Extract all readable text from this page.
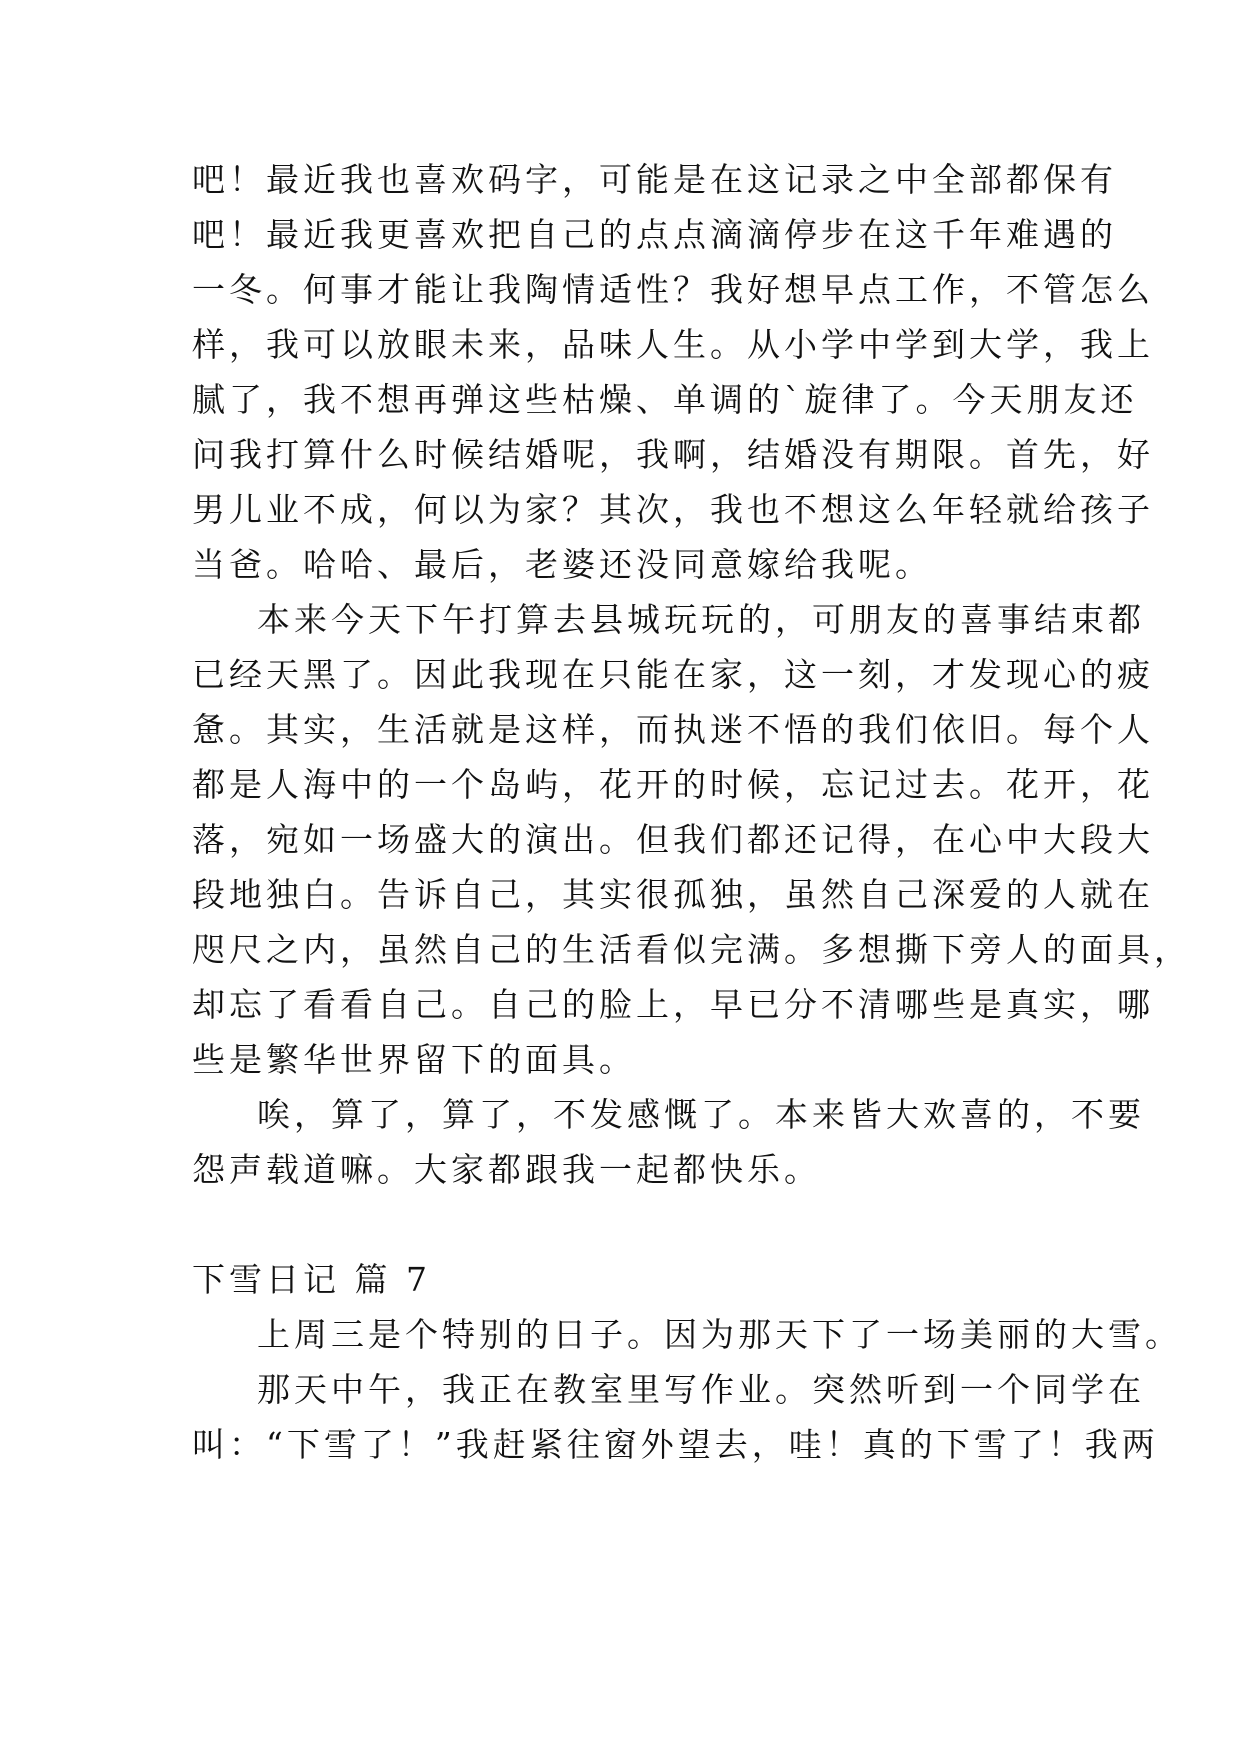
吧！最近我也喜欢码字，可能是在这记录之中全部都保有
吧！最近我更喜欢把自己的点点滴滴停步在这千年难遇的
一冬。何事才能让我陶情适性？我好想早点工作，不管怎么
样，我可以放眼未来，品味人生。从小学中学到大学，我上
腻了，我不想再弹这些枯燥、单调的`旋律了。今天朋友还
问我打算什么时候结婚呢，我啊，结婚没有期限。首先，好
男儿业不成，何以为家？其次，我也不想这么年轻就给孩子
当爸。哈哈、最后，老婆还没同意嫁给我呢。
本来今天下午打算去县城玩玩的，可朋友的喜事结束都
已经天黑了。因此我现在只能在家，这一刻，才发现心的疲
惫。其实，生活就是这样，而执迷不悟的我们依旧。每个人
都是人海中的一个岛屿，花开的时候，忘记过去。花开，花
落，宛如一场盛大的演出。但我们都还记得，在心中大段大
段地独白。告诉自己，其实很孤独，虽然自己深爱的人就在
咫尺之内，虽然自己的生活看似完满。多想撕下旁人的面具，
却忘了看看自己。自己的脸上，早已分不清哪些是真实，哪
些是繁华世界留下的面具。
唉，算了，算了，不发感慨了。本来皆大欢喜的，不要
怨声载道嘛。大家都跟我一起都快乐。
下雪日记 篇 7
上周三是个特别的日子。因为那天下了一场美丽的大雪。
那天中午，我正在教室里写作业。突然听到一个同学在
叫：“下雪了！”我赶紧往窗外望去，哇！真的下雪了！我两
